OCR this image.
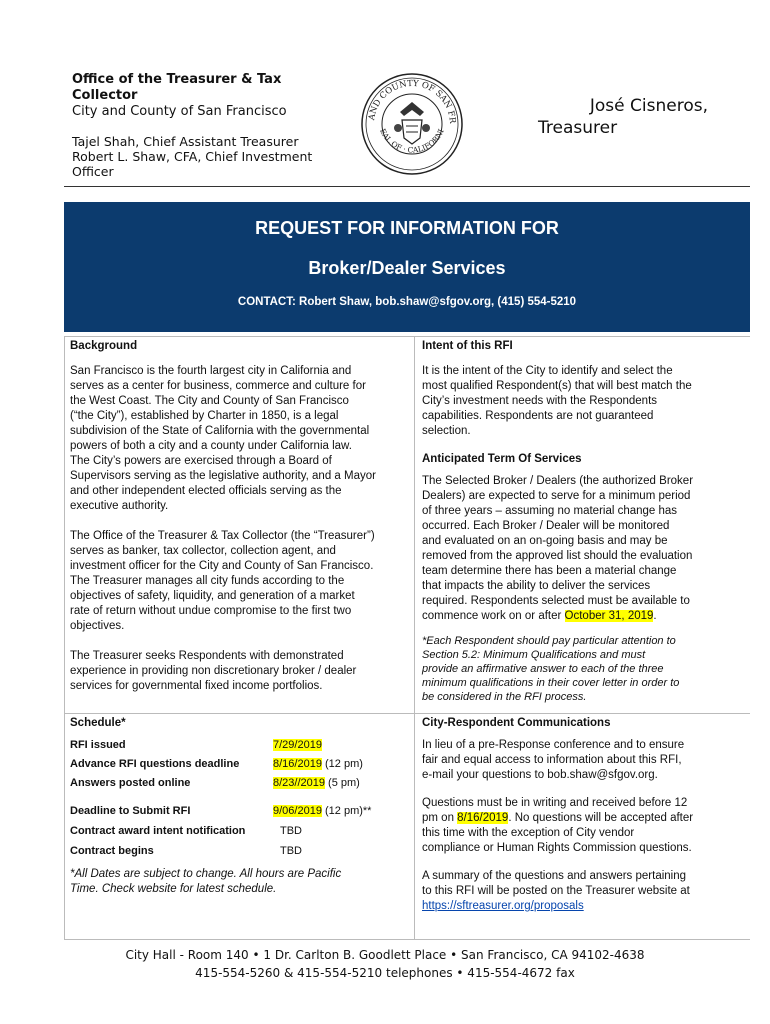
Office of the Treasurer & Tax
Collector
City and County of San Francisco
Tajel Shah, Chief Assistant Treasurer
Robert L. Shaw, CFA, Chief Investment
Officer
AND COUNTY OF SAN FR
EAL OF · CALIFORNI
José Cisneros,
Treasurer
REQUEST FOR INFORMATION FOR
Broker/Dealer Services
CONTACT: Robert Shaw, bob.shaw@sfgov.org, (415) 554-5210
Background
San Francisco is the fourth largest city in California and
serves as a center for business, commerce and culture for
the West Coast. The City and County of San Francisco
(“the City”), established by Charter in 1850, is a legal
subdivision of the State of California with the governmental
powers of both a city and a county under California law.
The City’s powers are exercised through a Board of
Supervisors serving as the legislative authority, and a Mayor
and other independent elected officials serving as the
executive authority.
The Office of the Treasurer & Tax Collector (the “Treasurer”)
serves as banker, tax collector, collection agent, and
investment officer for the City and County of San Francisco.
The Treasurer manages all city funds according to the
objectives of safety, liquidity, and generation of a market
rate of return without undue compromise to the first two
objectives.
The Treasurer seeks Respondents with demonstrated
experience in providing non discretionary broker / dealer
services for governmental fixed income portfolios.
Intent of this RFI
It is the intent of the City to identify and select the
most qualified Respondent(s) that will best match the
City’s investment needs with the Respondents
capabilities. Respondents are not guaranteed
selection.
Anticipated Term Of Services
The Selected Broker / Dealers (the authorized Broker
Dealers) are expected to serve for a minimum period
of three years – assuming no material change has
occurred. Each Broker / Dealer will be monitored
and evaluated on an on-going basis and may be
removed from the approved list should the evaluation
team determine there has been a material change
that impacts the ability to deliver the services
required. Respondents selected must be available to
commence work on or after October 31, 2019.
*Each Respondent should pay particular attention to
Section 5.2: Minimum Qualifications and must
provide an affirmative answer to each of the three
minimum qualifications in their cover letter in order to
be considered in the RFI process.
Schedule*
RFI issued	7/29/2019
Advance RFI questions deadline	8/16/2019 (12 pm)
Answers posted online	8/23//2019 (5 pm)
Deadline to Submit RFI	9/06/2019 (12 pm)**
Contract award intent notification	TBD
Contract begins	TBD
*All Dates are subject to change. All hours are Pacific
Time. Check website for latest schedule.
City-Respondent Communications
In lieu of a pre-Response conference and to ensure
fair and equal access to information about this RFI,
e-mail your questions to bob.shaw@sfgov.org.
Questions must be in writing and received before 12
pm on 8/16/2019. No questions will be accepted after
this time with the exception of City vendor
compliance or Human Rights Commission questions.
A summary of the questions and answers pertaining
to this RFI will be posted on the Treasurer website at
https://sftreasurer.org/proposals
City Hall - Room 140 • 1 Dr. Carlton B. Goodlett Place • San Francisco, CA 94102-4638
415-554-5260 & 415-554-5210 telephones • 415-554-4672 fax
